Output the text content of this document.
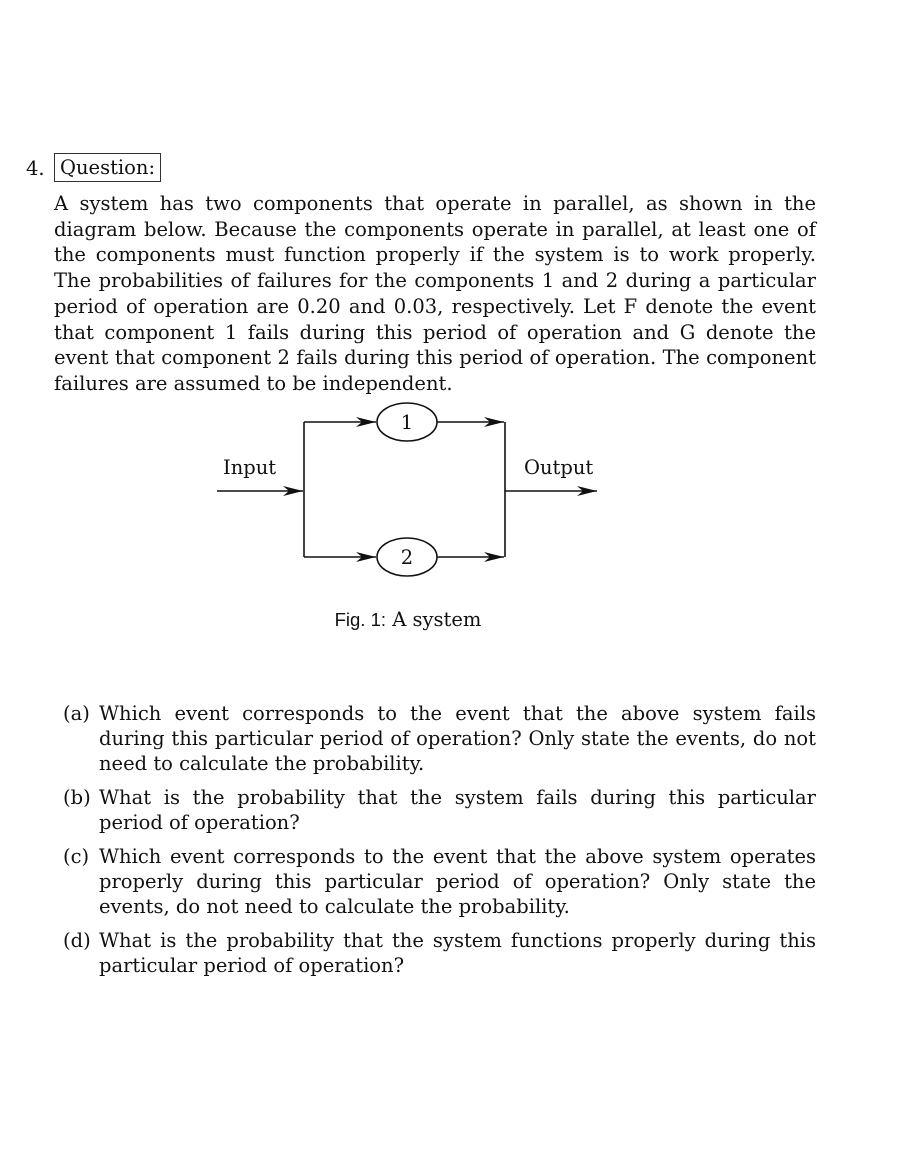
4. Question:

A system has two components that operate in parallel, as shown in the diagram below. Because the components operate in parallel, at least one of the components must function properly if the system is to work properly. The probabilities of failures for the components 1 and 2 during a particular period of operation are 0.20 and 0.03, respectively. Let F denote the event that component 1 fails during this period of operation and G denote the event that component 2 fails during this period of operation. The component failures are assumed to be independent.

1
2
Input	Output
Fig. 1: A system
(a) Which event corresponds to the event that the above system fails during this particular period of operation? Only state the events, do not need to calculate the probability.
(b) What is the probability that the system fails during this particular period of operation?
(c) Which event corresponds to the event that the above system operates properly during this particular period of operation? Only state the events, do not need to calculate the probability.
(d) What is the probability that the system functions properly during this particular period of operation?
